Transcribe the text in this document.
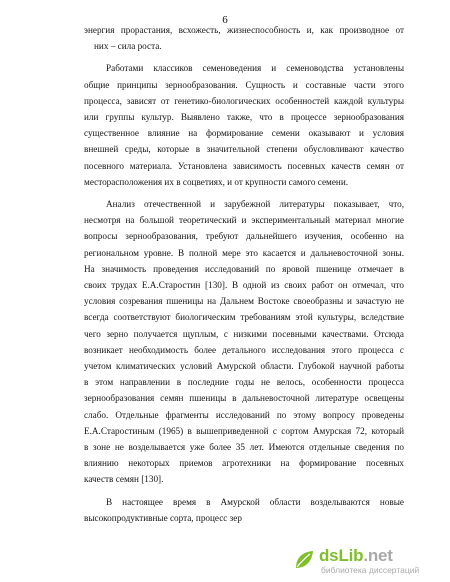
6
энергия прорастания, всхожесть, жизнеспособность и, как производное от
них – сила роста.
Работами классиков семеноведения и семеноводства установлены
общие принципы зернообразования. Сущность и составные части этого
процесса, зависят от генетико-биологических особенностей каждой культуры
или группы культур. Выявлено также, что в процессе зернообразования
существенное влияние на формирование семени оказывают и условия
внешней среды, которые в значительной степени обусловливают качество
посевного материала. Установлена зависимость посевных качеств семян от
месторасположения их в соцветиях, и от крупности самого семени.
Анализ отечественной и зарубежной литературы показывает, что,
несмотря на большой теоретический и экспериментальный материал многие
вопросы зернообразования, требуют дальнейшего изучения, особенно на
региональном уровне. В полной мере это касается и дальневосточной зоны.
На значимость проведения исследований по яровой пшенице отмечает в
своих трудах Е.А.Старостин [130]. В одной из своих работ он отмечал, что
условия созревания пшеницы на Дальнем Востоке своеобразны и зачастую не
всегда соответствуют биологическим требованиям этой культуры, вследствие
чего зерно получается щуплым, с низкими посевными качествами. Отсюда
возникает необходимость более детального исследования этого процесса с
учетом климатических условий Амурской области. Глубокой научной работы
в этом направлении в последние годы не велось, особенности процесса
зернообразования семян пшеницы в дальневосточной литературе освещены
слабо. Отдельные фрагменты исследований по этому вопросу проведены
Е.А.Старостиным (1965) в вышеприведенной с сортом Амурская 72, который
в зоне не возделывается уже более 35 лет. Имеются отдельные сведения по
влиянию некоторых приемов агротехники на формирование посевных
качеств семян [130].
В настоящее время в Амурской области возделываются новые
высокопродуктивные сорта, процесс зер
dsLib.net
библиотека диссертаций
